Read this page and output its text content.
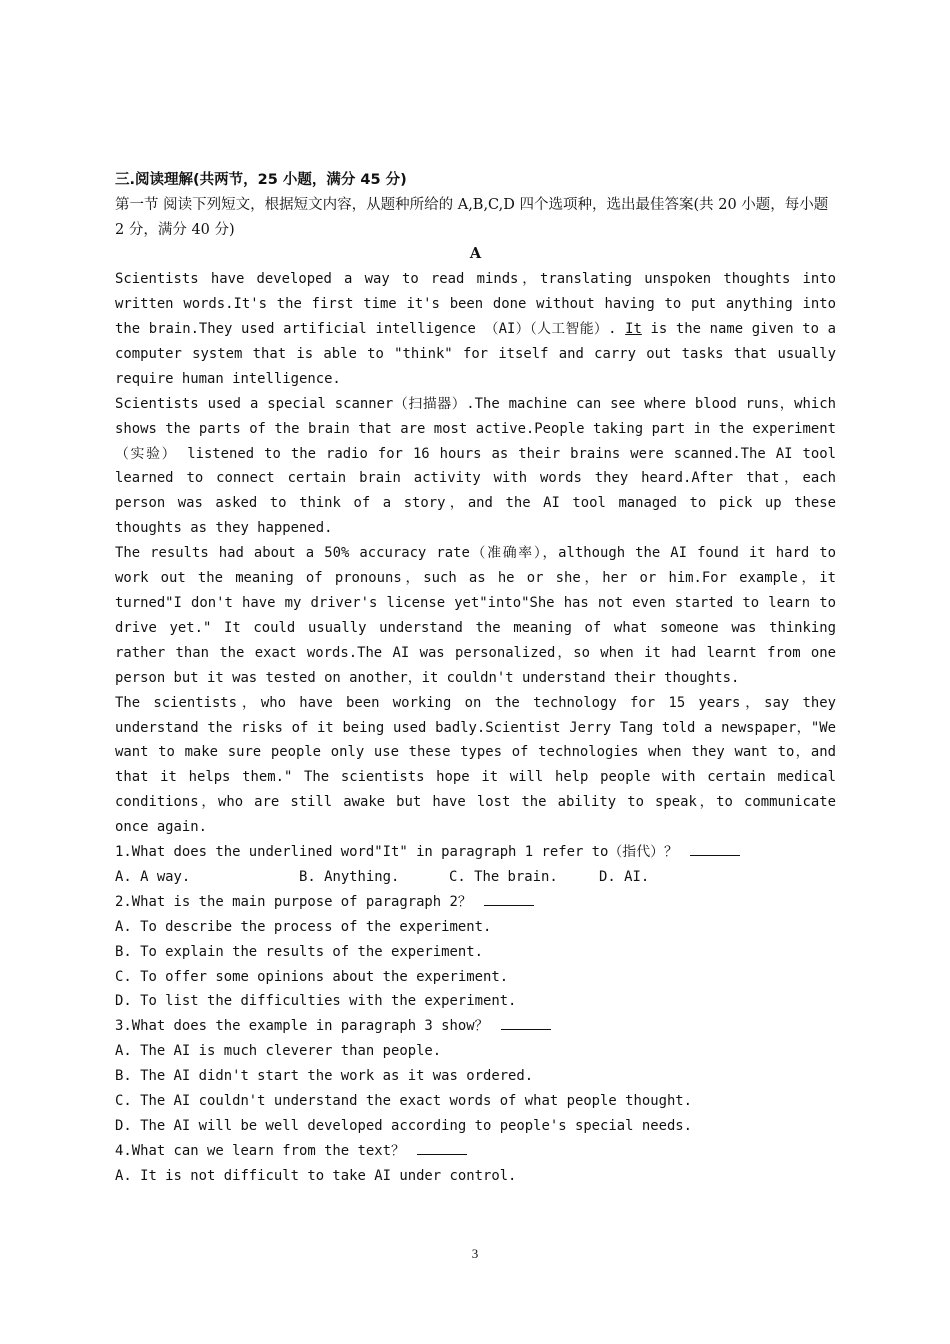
三.阅读理解(共两节，25 小题，满分 45 分)

第一节 阅读下列短文，根据短文内容，从题种所给的 A,B,C,D 四个选项种，选出最佳答案(共 20 小题，每小题 2 分，满分 40 分)

A

Scientists have developed a way to read minds，translating unspoken thoughts into written words.It's the first time it's been done without having to put anything into the brain.They used artificial intelligence （AI）（人工智能）. It is the name given to a computer system that is able to "think" for itself and carry out tasks that usually require human intelligence.

Scientists used a special scanner（扫描器）.The machine can see where blood runs，which shows the parts of the brain that are most active.People taking part in the experiment （实验） listened to the radio for 16 hours as their brains were scanned.The AI tool learned to connect certain brain activity with words they heard.After that，each person was asked to think of a story，and the AI tool managed to pick up these thoughts as they happened.

The results had about a 50% accuracy rate（准确率），although the AI found it hard to work out the meaning of pronouns，such as he or she，her or him.For example，it turned"I don't have my driver's license yet"into"She has not even started to learn to drive yet." It could usually understand the meaning of what someone was thinking rather than the exact words.The AI was personalized，so when it had learnt from one person but it was tested on another，it couldn't understand their thoughts.

The scientists，who have been working on the technology for 15 years，say they understand the risks of it being used badly.Scientist Jerry Tang told a newspaper，"We want to make sure people only use these types of technologies when they want to，and that it helps them." The scientists hope it will help people with certain medical conditions，who are still awake but have lost the ability to speak，to communicate once again.

1.What does the underlined word"It" in paragraph 1 refer to（指代）？

A. A way.	B. Anything.	C. The brain.	D. AI.

2.What is the main purpose of paragraph 2？

A. To describe the process of the experiment.

B. To explain the results of the experiment.

C. To offer some opinions about the experiment.

D. To list the difficulties with the experiment.

3.What does the example in paragraph 3 show？

A. The AI is much cleverer than people.

B. The AI didn't start the work as it was ordered.

C. The AI couldn't understand the exact words of what people thought.

D. The AI will be well developed according to people's special needs.

4.What can we learn from the text？

A. It is not difficult to take AI under control.

3
